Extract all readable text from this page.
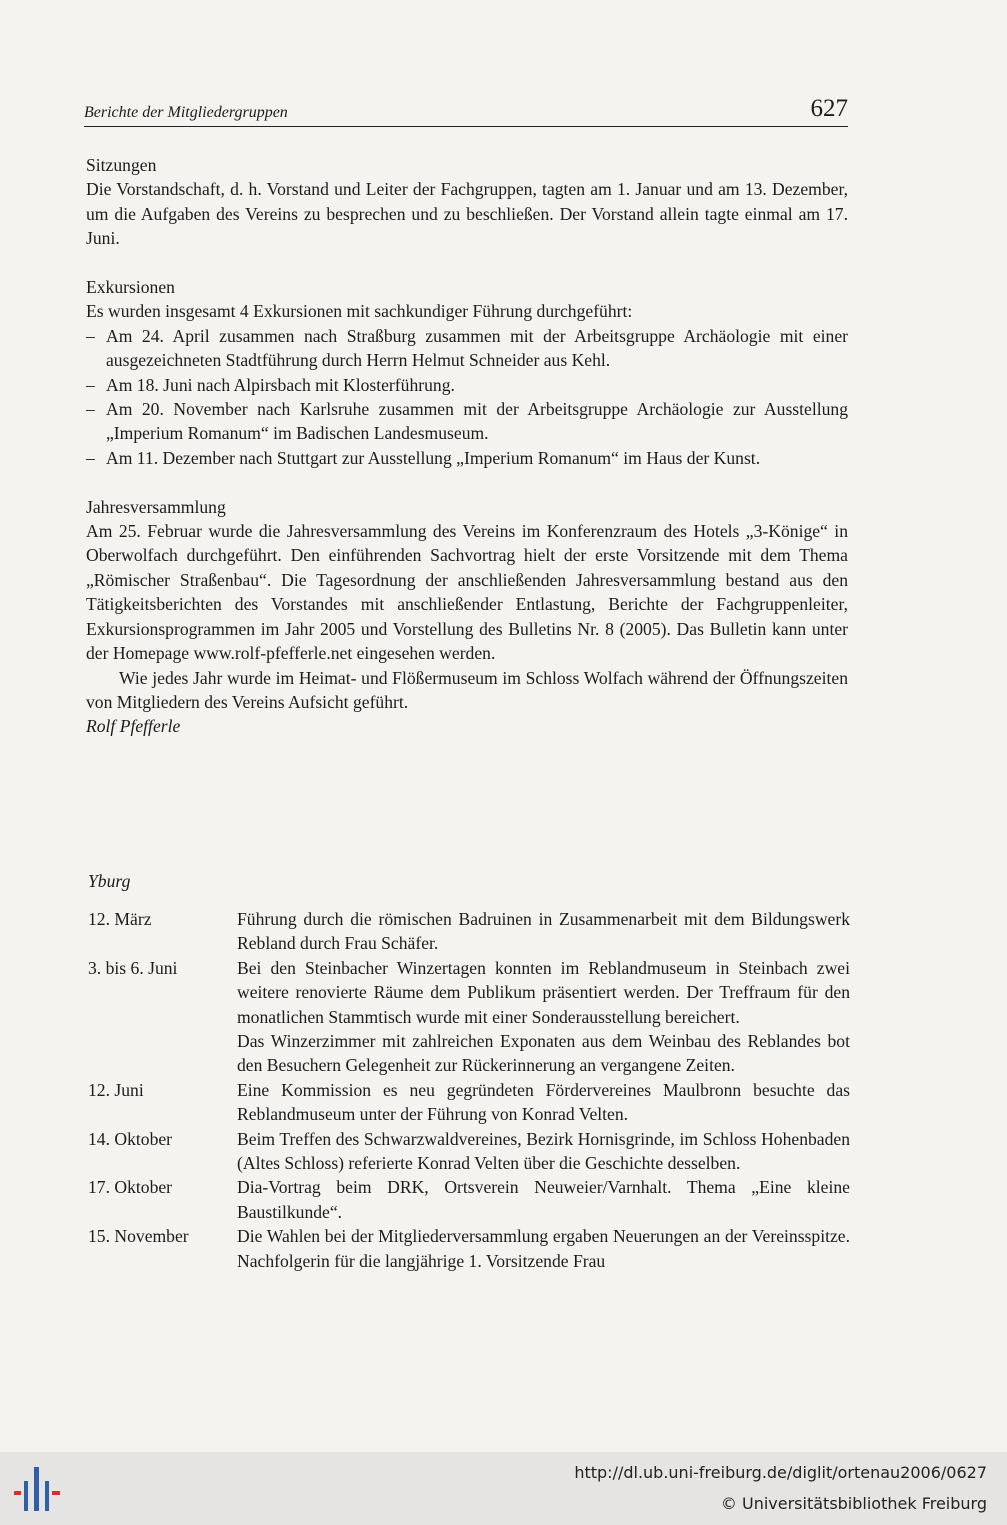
Berichte der Mitgliedergruppen	627

Sitzungen

Die Vorstandschaft, d. h. Vorstand und Leiter der Fachgruppen, tagten am 1. Januar und am 13. Dezember, um die Aufgaben des Vereins zu besprechen und zu beschließen. Der Vorstand allein tagte einmal am 17. Juni.

Exkursionen

Es wurden insgesamt 4 Exkursionen mit sachkundiger Führung durchgeführt:

– Am 24. April zusammen nach Straßburg zusammen mit der Arbeitsgruppe Archäologie mit einer ausgezeichneten Stadtführung durch Herrn Helmut Schneider aus Kehl.
– Am 18. Juni nach Alpirsbach mit Klosterführung.
– Am 20. November nach Karlsruhe zusammen mit der Arbeitsgruppe Archäologie zur Ausstellung „Imperium Romanum“ im Badischen Landesmuseum.
– Am 11. Dezember nach Stuttgart zur Ausstellung „Imperium Romanum“ im Haus der Kunst.

Jahresversammlung

Am 25. Februar wurde die Jahresversammlung des Vereins im Konferenzraum des Hotels „3-Könige“ in Oberwolfach durchgeführt. Den einführenden Sachvortrag hielt der erste Vorsitzende mit dem Thema „Römischer Straßenbau“. Die Tagesordnung der anschließenden Jahresversammlung bestand aus den Tätigkeitsberichten des Vorstandes mit anschließender Entlastung, Berichte der Fachgruppenleiter, Exkursionsprogrammen im Jahr 2005 und Vorstellung des Bulletins Nr. 8 (2005). Das Bulletin kann unter der Homepage www.rolf-pfefferle.net eingesehen werden.

Wie jedes Jahr wurde im Heimat- und Flößermuseum im Schloss Wolfach während der Öffnungszeiten von Mitgliedern des Vereins Aufsicht geführt.

Rolf Pfefferle

Yburg
12. März	Führung durch die römischen Badruinen in Zusammenarbeit mit dem Bildungswerk Rebland durch Frau Schäfer.

3. bis 6. Juni	Bei den Steinbacher Winzertagen konnten im Reblandmuseum in Steinbach zwei weitere renovierte Räume dem Publikum präsentiert werden. Der Treffraum für den monatlichen Stammtisch wurde mit einer Sonderausstellung bereichert.

Das Winzerzimmer mit zahlreichen Exponaten aus dem Weinbau des Reblandes bot den Besuchern Gelegenheit zur Rückerinnerung an vergangene Zeiten.

12. Juni	Eine Kommission es neu gegründeten Fördervereines Maulbronn besuchte das Reblandmuseum unter der Führung von Konrad Velten.

14. Oktober	Beim Treffen des Schwarzwaldvereines, Bezirk Hornisgrinde, im Schloss Hohenbaden (Altes Schloss) referierte Konrad Velten über die Geschichte desselben.

17. Oktober	Dia-Vortrag beim DRK, Ortsverein Neuweier/Varnhalt. Thema „Eine kleine Baustilkunde“.

15. November	Die Wahlen bei der Mitgliederversammlung ergaben Neuerungen an der Vereinsspitze. Nachfolgerin für die langjährige 1. Vorsitzende Frau

http://dl.ub.uni-freiburg.de/diglit/ortenau2006/0627
© Universitätsbibliothek Freiburg
